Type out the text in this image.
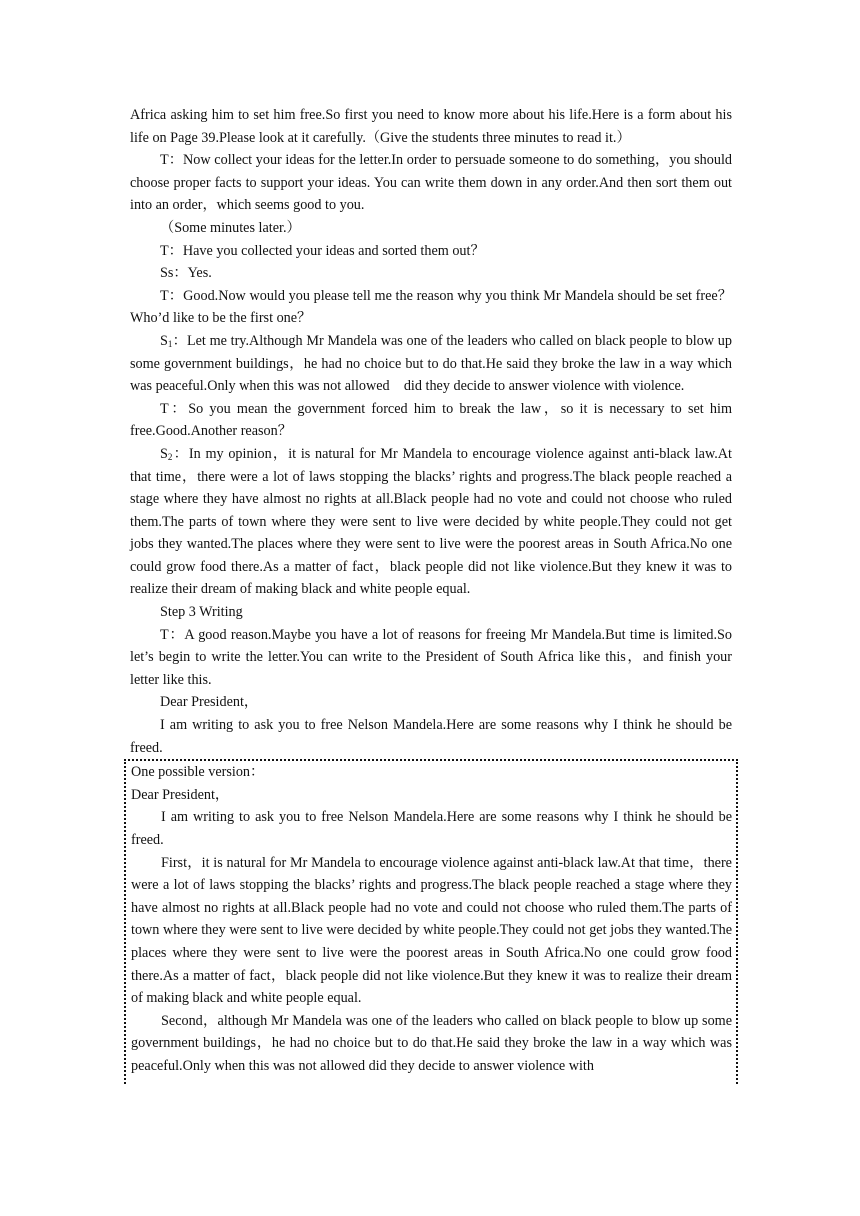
Africa asking him to set him free.So first you need to know more about his life.Here is a form about his life on Page 39.Please look at it carefully.（Give the students three minutes to read it.）

T：Now collect your ideas for the letter.In order to persuade someone to do something，you should choose proper facts to support your ideas. You can write them down in any order.And then sort them out into an order，which seems good to you.

（Some minutes later.）

T：Have you collected your ideas and sorted them out？

Ss：Yes.

T：Good.Now would you please tell me the reason why you think Mr Mandela should be set free？Who’d like to be the first one？

$S_1$：Let me try.Although Mr Mandela was one of the leaders who called on black people to blow up some government buildings，he had no choice but to do that.He said they broke the law in a way which was peaceful.Only when this was not allowed　did they decide to answer violence with violence.

T：So you mean the government forced him to break the law，so it is necessary to set him free.Good.Another reason？

$S_2$：In my opinion，it is natural for Mr Mandela to encourage violence against anti-black law.At that time，there were a lot of laws stopping the blacks’ rights and progress.The black people reached a stage where they have almost no rights at all.Black people had no vote and could not choose who ruled them.The parts of town where they were sent to live were decided by white people.They could not get jobs they wanted.The places where they were sent to live were the poorest areas in South Africa.No one could grow food there.As a matter of fact，black people did not like violence.But they knew it was to realize their dream of making black and white people equal.

Step 3 Writing

T：A good reason.Maybe you have a lot of reasons for freeing Mr Mandela.But time is limited.So let’s begin to write the letter.You can write to the President of South Africa like this，and finish your letter like this.

Dear President，

I am writing to ask you to free Nelson Mandela.Here are some reasons why I think he should be freed.

One possible version：

Dear President，

I am writing to ask you to free Nelson Mandela.Here are some reasons why I think he should be freed.

First，it is natural for Mr Mandela to encourage violence against anti-black law.At that time，there were a lot of laws stopping the blacks’ rights and progress.The black people reached a stage where they have almost no rights at all.Black people had no vote and could not choose who ruled them.The parts of town where they were sent to live were decided by white people.They could not get jobs they wanted.The places where they were sent to live were the poorest areas in South Africa.No one could grow food there.As a matter of fact，black people did not like violence.But they knew it was to realize their dream of making black and white people equal.

Second，although Mr Mandela was one of the leaders who called on black people to blow up some government buildings，he had no choice but to do that.He said they broke the law in a way which was peaceful.Only when this was not allowed did they decide to answer violence with
